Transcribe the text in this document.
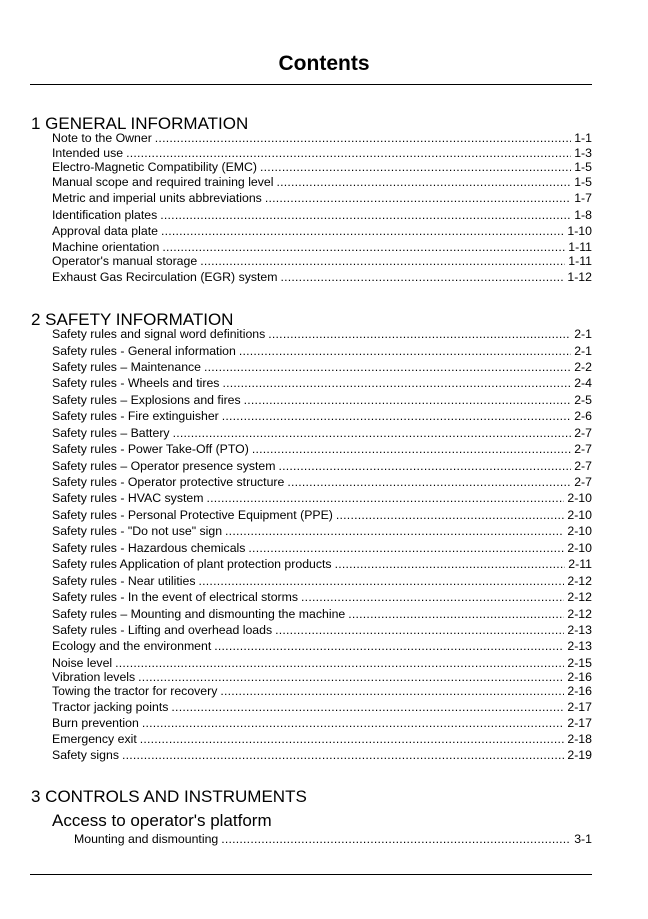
Contents
1 GENERAL INFORMATION
Note to the Owner . . .	1-1
Intended use . . .	1-3
Electro-Magnetic Compatibility (EMC) . . .	1-5
Manual scope and required training level . . .	1-5
Metric and imperial units abbreviations . . .	1-7
Identification plates . . .	1-8
Approval data plate . . .	1-10
Machine orientation . . .	1-11
Operator's manual storage . . .	1-11
Exhaust Gas Recirculation (EGR) system . . .	1-12
2 SAFETY INFORMATION
Safety rules and signal word definitions . . .	2-1
Safety rules - General information . . .	2-1
Safety rules – Maintenance . . .	2-2
Safety rules - Wheels and tires . . .	2-4
Safety rules – Explosions and fires . . .	2-5
Safety rules - Fire extinguisher . . .	2-6
Safety rules – Battery . . .	2-7
Safety rules - Power Take-Off (PTO) . . .	2-7
Safety rules – Operator presence system . . .	2-7
Safety rules - Operator protective structure . . .	2-7
Safety rules - HVAC system . . .	2-10
Safety rules - Personal Protective Equipment (PPE) . . .	2-10
Safety rules - "Do not use" sign . . .	2-10
Safety rules - Hazardous chemicals . . .	2-10
Safety rules Application of plant protection products . . .	2-11
Safety rules - Near utilities . . .	2-12
Safety rules - In the event of electrical storms . . .	2-12
Safety rules – Mounting and dismounting the machine . . .	2-12
Safety rules - Lifting and overhead loads . . .	2-13
Ecology and the environment . . .	2-13
Noise level . . .	2-15
Vibration levels . . .	2-16
Towing the tractor for recovery . . .	2-16
Tractor jacking points . . .	2-17
Burn prevention . . .	2-17
Emergency exit . . .	2-18
Safety signs . . .	2-19
3 CONTROLS AND INSTRUMENTS
Access to operator's platform
Mounting and dismounting . . .	3-1
